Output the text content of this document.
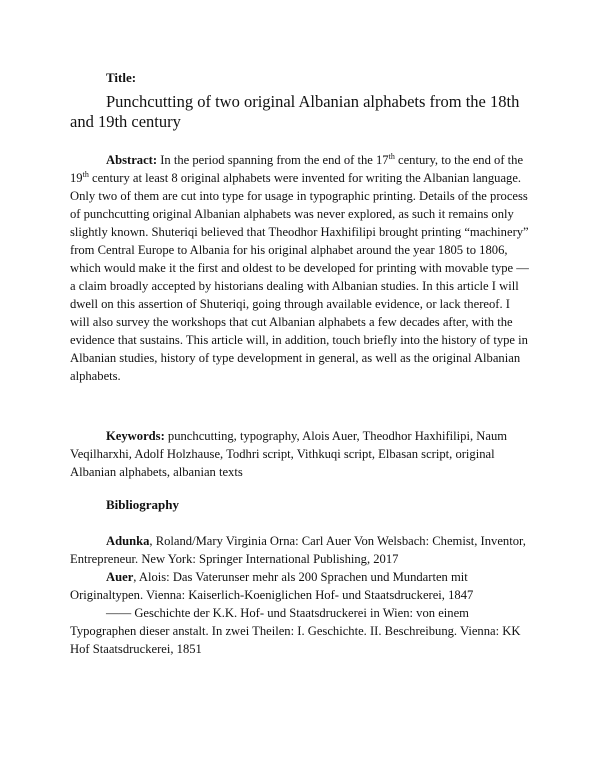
Title:

Punchcutting of two original Albanian alphabets from the 18th and 19th century

Abstract: In the period spanning from the end of the 17th century, to the end of the 19th century at least 8 original alphabets were invented for writing the Albanian language. Only two of them are cut into type for usage in typographic printing. Details of the process of punchcutting original Albanian alphabets was never explored, as such it remains only slightly known. Shuteriqi believed that Theodhor Haxhifilipi brought printing “machinery” from Central Europe to Albania for his original alphabet around the year 1805 to 1806, which would make it the first and oldest to be developed for printing with movable type — a claim broadly accepted by historians dealing with Albanian studies. In this article I will dwell on this assertion of Shuteriqi, going through available evidence, or lack thereof. I will also survey the workshops that cut Albanian alphabets a few decades after, with the evidence that sustains. This article will, in addition, touch briefly into the history of type in Albanian studies, history of type development in general, as well as the original Albanian alphabets.

Keywords: punchcutting, typography, Alois Auer, Theodhor Haxhifilipi, Naum Veqilharxhi, Adolf Holzhause, Todhri script, Vithkuqi script, Elbasan script, original Albanian alphabets, albanian texts

Bibliography

Adunka, Roland/Mary Virginia Orna: Carl Auer Von Welsbach: Chemist, Inventor, Entrepreneur. New York: Springer International Publishing, 2017

Auer, Alois: Das Vaterunser mehr als 200 Sprachen und Mundarten mit Originaltypen. Vienna: Kaiserlich-Koeniglichen Hof- und Staatsdruckerei, 1847

—— Geschichte der K.K. Hof- und Staatsdruckerei in Wien: von einem Typographen dieser anstalt. In zwei Theilen: I. Geschichte. II. Beschreibung. Vienna: KK Hof Staatsdruckerei, 1851
